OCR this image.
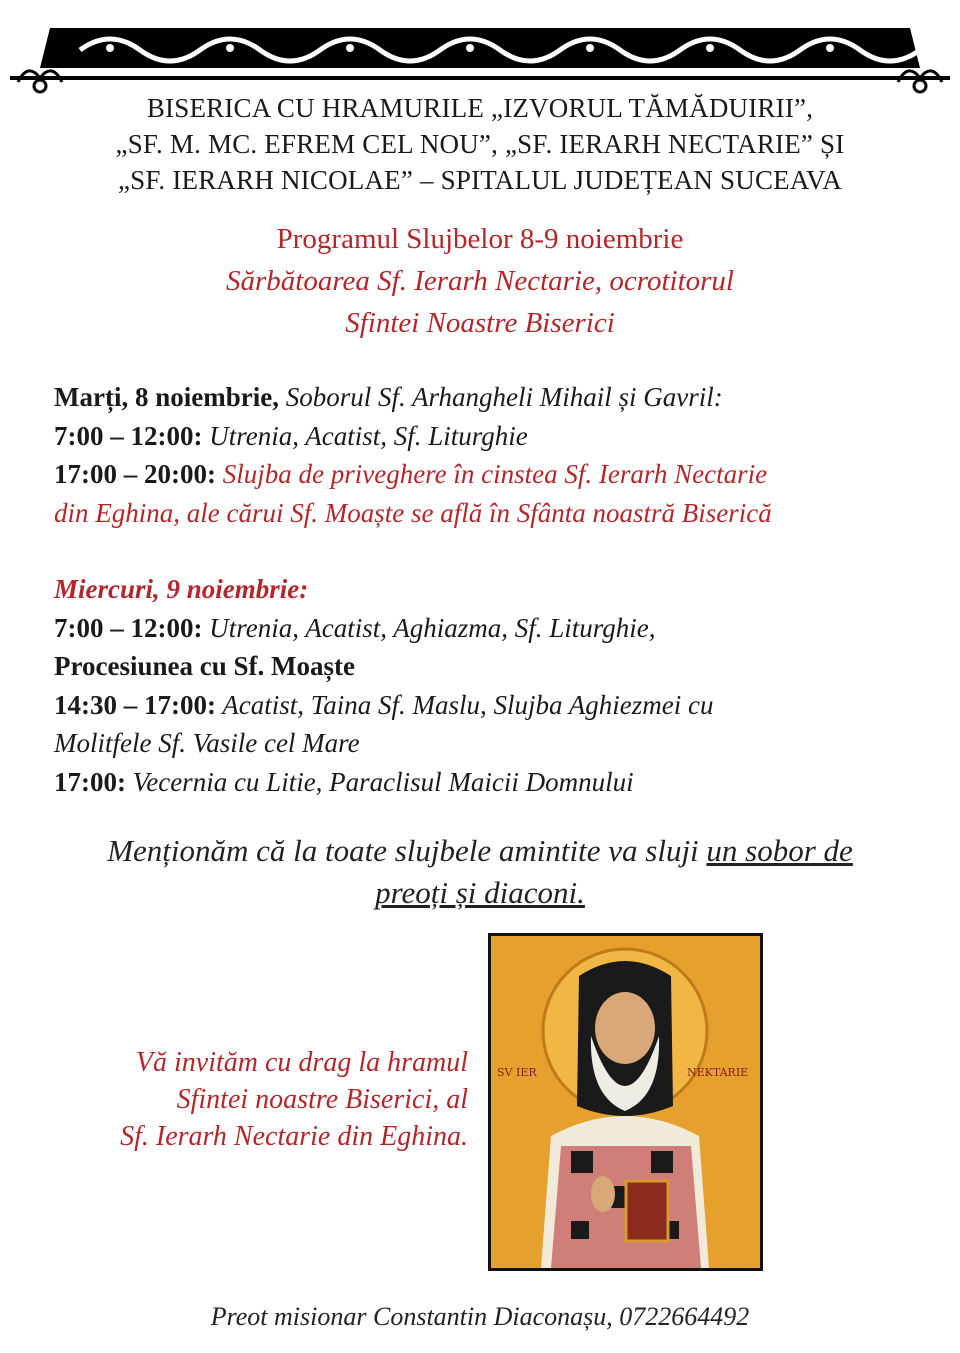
BISERICA CU HRAMURILE „IZVORUL TĂMĂDUIRII”,
„SF. M. MC. EFREM CEL NOU”, „SF. IERARH NECTARIE” ȘI
„SF. IERARH NICOLAE” – SPITALUL JUDEȚEAN SUCEAVA
Programul Slujbelor 8-9 noiembrie
Sărbătoarea Sf. Ierarh Nectarie, ocrotitorul
Sfintei Noastre Biserici
Marți, 8 noiembrie, Soborul Sf. Arhangheli Mihail și Gavril:
7:00 – 12:00: Utrenia, Acatist, Sf. Liturghie
17:00 – 20:00: Slujba de priveghere în cinstea Sf. Ierarh Nectarie
din Eghina, ale cărui Sf. Moaște se află în Sfânta noastră Biserică
Miercuri, 9 noiembrie:
7:00 – 12:00: Utrenia, Acatist, Aghiazma, Sf. Liturghie,
Procesiunea cu Sf. Moaște
14:30 – 17:00: Acatist, Taina Sf. Maslu, Slujba Aghiezmei cu
Molitfele Sf. Vasile cel Mare
17:00: Vecernia cu Litie, Paraclisul Maicii Domnului
Menționăm că la toate slujbele amintite va sluji un sobor de
preoți și diaconi.
Vă invităm cu drag la hramul
Sfintei noastre Biserici, al
Sf. Ierarh Nectarie din Eghina.
SV IER	NEKTARIE
Preot misionar Constantin Diaconașu, 0722664492
